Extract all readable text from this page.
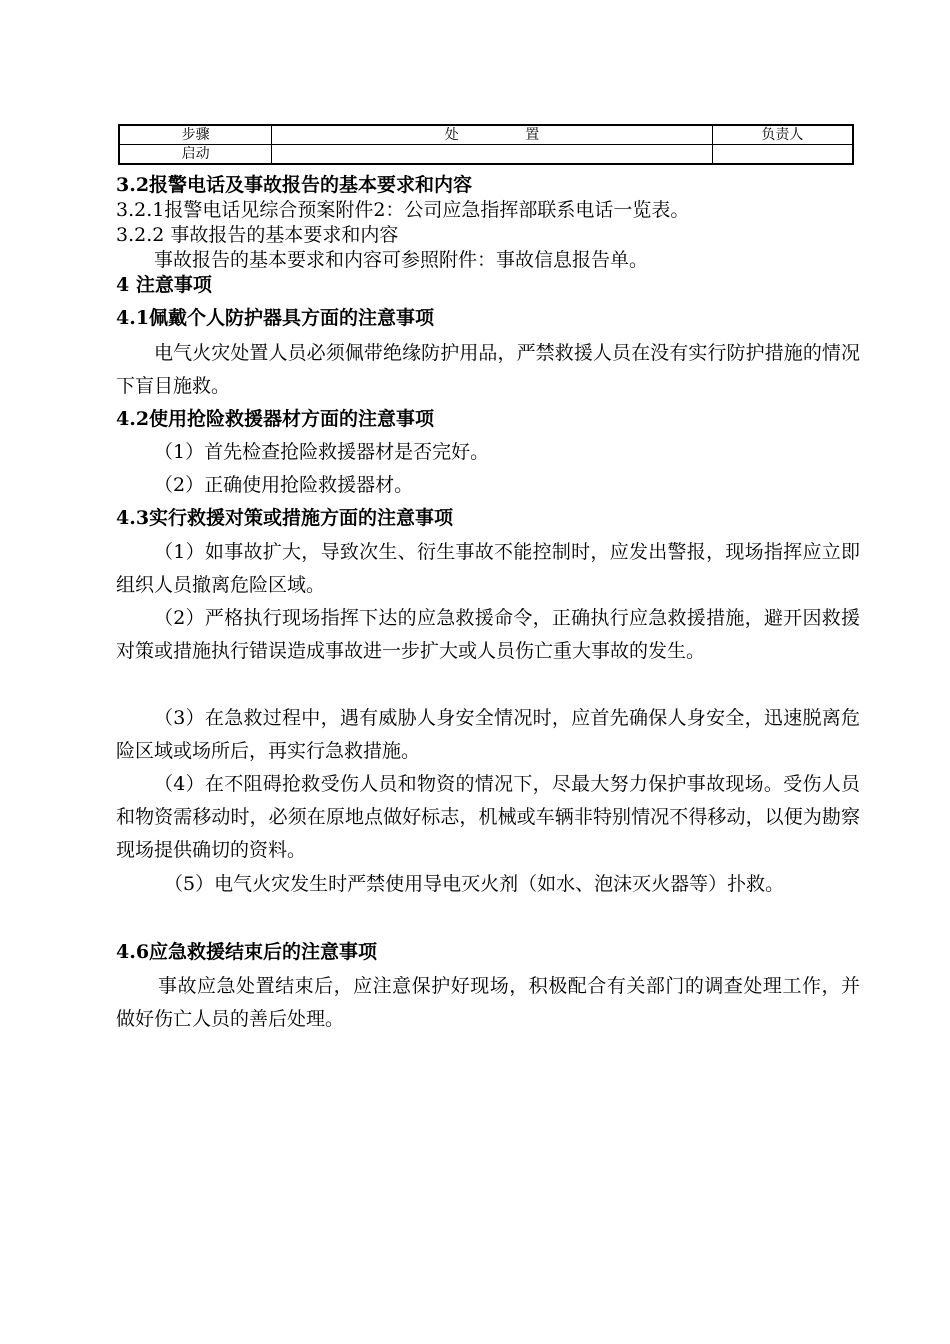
步骤	处 置	负责人
启动		
3.2报警电话及事故报告的基本要求和内容
3.2.1报警电话见综合预案附件2：公司应急指挥部联系电话一览表。
3.2.2 事故报告的基本要求和内容
事故报告的基本要求和内容可参照附件：事故信息报告单。
4 注意事项
4.1佩戴个人防护器具方面的注意事项
电气火灾处置人员必须佩带绝缘防护用品，严禁救援人员在没有实行防护措施的情况下盲目施救。
4.2使用抢险救援器材方面的注意事项
（1）首先检查抢险救援器材是否完好。
（2）正确使用抢险救援器材。
4.3实行救援对策或措施方面的注意事项
（1）如事故扩大，导致次生、衍生事故不能控制时，应发出警报，现场指挥应立即组织人员撤离危险区域。
（2）严格执行现场指挥下达的应急救援命令，正确执行应急救援措施，避开因救援对策或措施执行错误造成事故进一步扩大或人员伤亡重大事故的发生。
（3）在急救过程中，遇有威胁人身安全情况时，应首先确保人身安全，迅速脱离危险区域或场所后，再实行急救措施。
（4）在不阻碍抢救受伤人员和物资的情况下，尽最大努力保护事故现场。受伤人员和物资需移动时，必须在原地点做好标志，机械或车辆非特别情况不得移动，以便为勘察现场提供确切的资料。
（5）电气火灾发生时严禁使用导电灭火剂（如水、泡沫灭火器等）扑救。
4.6应急救援结束后的注意事项
事故应急处置结束后，应注意保护好现场，积极配合有关部门的调查处理工作，并做好伤亡人员的善后处理。
